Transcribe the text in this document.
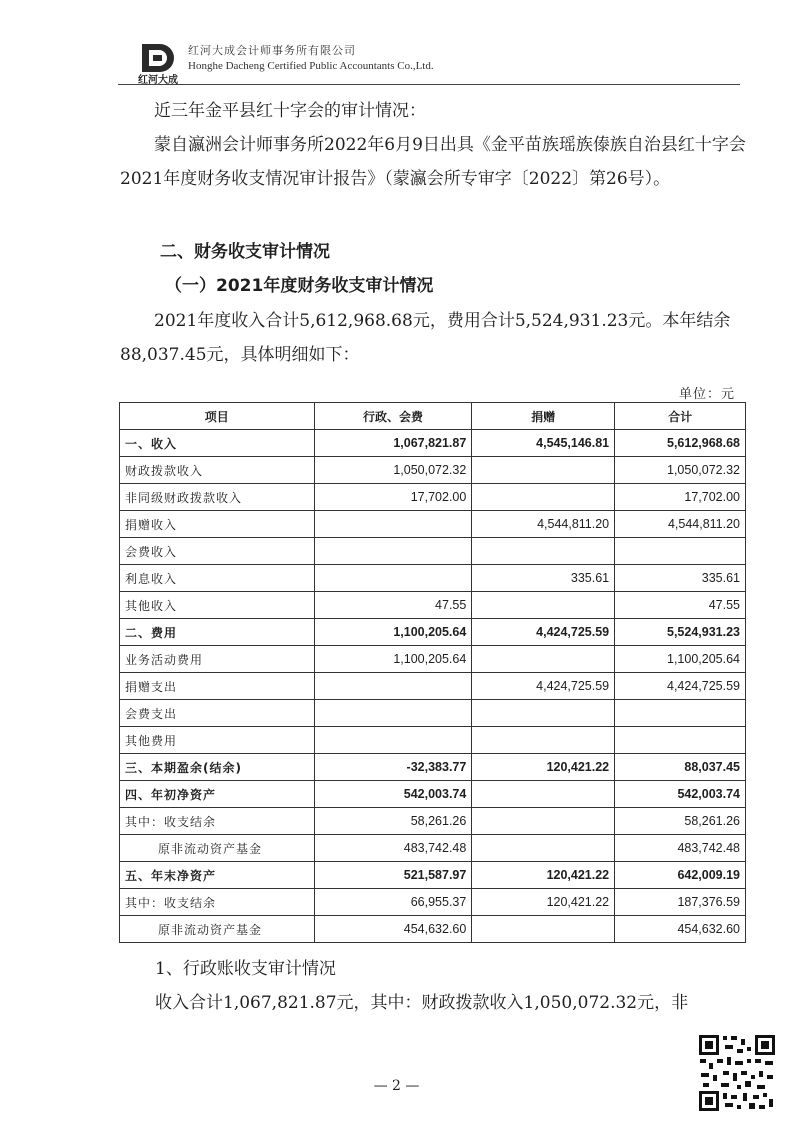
红河大成
红河大成会计师事务所有限公司
Honghe Dacheng Certified Public Accountants Co.,Ltd.

近三年金平县红十字会的审计情况：

蒙自瀛洲会计师事务所2022年6月9日出具《金平苗族瑶族傣族自治县红十字会2021年度财务收支情况审计报告》（蒙瀛会所专审字〔2022〕第26号）。

二、财务收支审计情况
（一）2021年度财务收支审计情况

2021年度收入合计5,612,968.68元，费用合计5,524,931.23元。本年结余88,037.45元，具体明细如下：

单位：元
项目	行政、会费	捐赠	合计
一、收入	1,067,821.87	4,545,146.81	5,612,968.68
财政拨款收入	1,050,072.32		1,050,072.32
非同级财政拨款收入	17,702.00		17,702.00
捐赠收入		4,544,811.20	4,544,811.20
会费收入			
利息收入		335.61	335.61
其他收入	47.55		47.55
二、费用	1,100,205.64	4,424,725.59	5,524,931.23
业务活动费用	1,100,205.64		1,100,205.64
捐赠支出		4,424,725.59	4,424,725.59
会费支出			
其他费用			
三、本期盈余(结余)	-32,383.77	120,421.22	88,037.45
四、年初净资产	542,003.74		542,003.74
其中：收支结余	58,261.26		58,261.26
原非流动资产基金	483,742.48		483,742.48
五、年末净资产	521,587.97	120,421.22	642,009.19
其中：收支结余	66,955.37	120,421.22	187,376.59
原非流动资产基金	454,632.60		454,632.60

1、行政账收支审计情况

收入合计1,067,821.87元，其中：财政拨款收入1,050,072.32元，非

— 2 —
